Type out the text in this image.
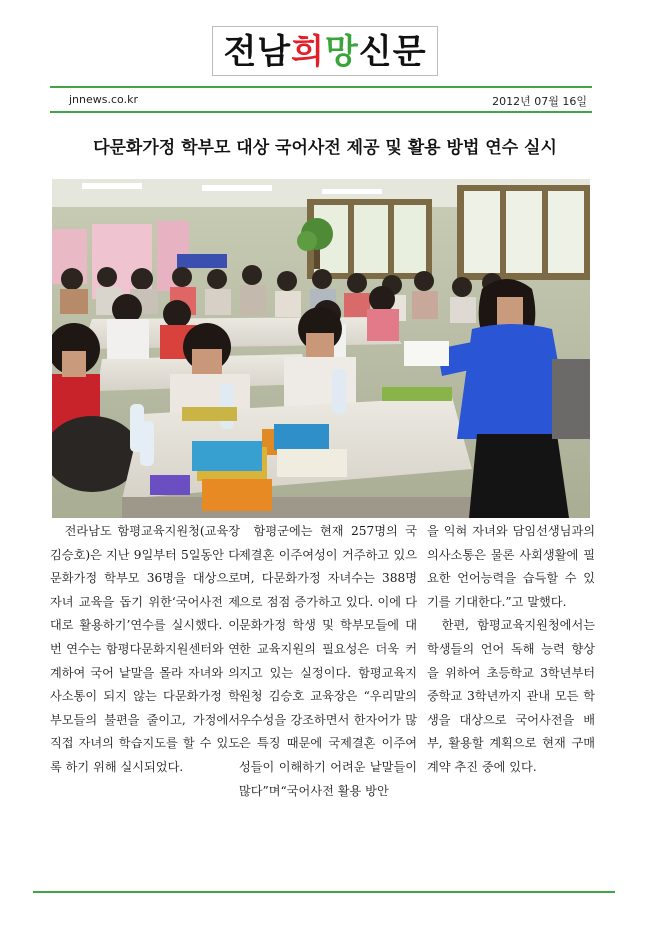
전남희망신문
jnnews.co.kr	2012년 07월 16일
다문화가정 학부모 대상 국어사전 제공 및 활용 방법 연수 실시

전라남도 함평교육지원청(교육장 김승호)은 지난 9일부터 5일동안 다문화가정 학부모 36명을 대상으로 자녀 교육을 돕기 위한‘국어사전 제대로 활용하기’연수를 실시했다. 이번 연수는 함평다문화지원센터와 연계하여 국어 낱말을 몰라 자녀와 의사소통이 되지 않는 다문화가정 학부모들의 불편을 줄이고, 가정에서 직접 자녀의 학습지도를 할 수 있도록 하기 위해 실시되었다.

함평군에는 현재 257명의 국제결혼 이주여성이 거주하고 있으며, 다문화가정 자녀수는 388명으로 점점 증가하고 있다. 이에 다문화가정 학생 및 학부모들에 대한 교육지원의 필요성은 더욱 커지고 있는 실정이다. 함평교육지원청 김승호 교육장은 “우리말의 우수성을 강조하면서 한자어가 많은 특징 때문에 국제결혼 이주여성들이 이해하기 어려운 낱말들이 많다”며“국어사전 활용 방안

을 익혀 자녀와 담임선생님과의 의사소통은 물론 사회생활에 필요한 언어능력을 습득할 수 있기를 기대한다.”고 말했다.

한편, 함평교육지원청에서는 학생들의 언어 독해 능력 향상을 위하여 초등학교 3학년부터 중학교 3학년까지 관내 모든 학생을 대상으로 국어사전을 배부, 활용할 계획으로 현재 구매 계약 추진 중에 있다.
